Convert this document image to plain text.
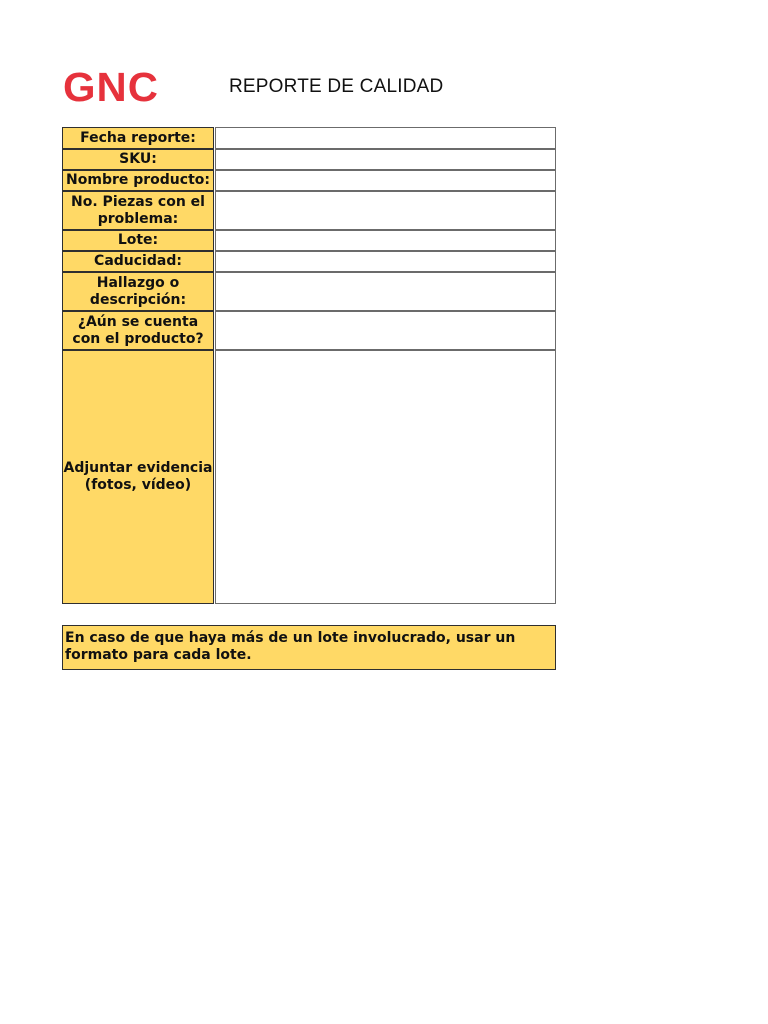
GNC	REPORTE DE CALIDAD
Fecha reporte:		
SKU:		
Nombre producto:		
No. Piezas con el problema:		
Lote:		
Caducidad:		
Hallazgo o descripción:		
¿Aún se cuenta con el producto?		
Adjuntar evidencia (fotos, vídeo)		
En caso de que haya más de un lote involucrado, usar un formato para cada lote.
